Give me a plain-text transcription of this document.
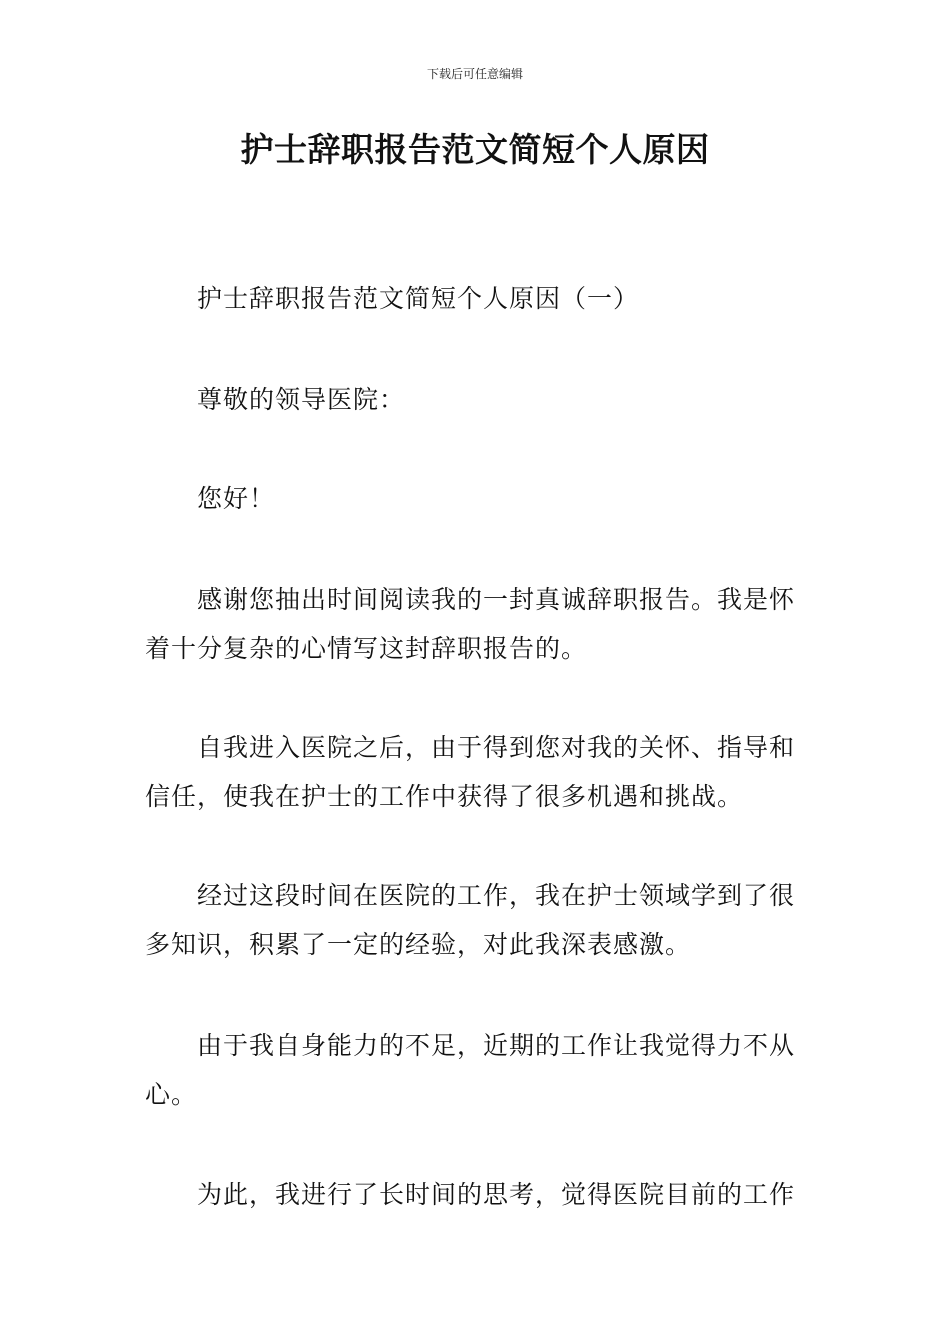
下载后可任意编辑
护士辞职报告范文简短个人原因

护士辞职报告范文简短个人原因（一）

尊敬的领导医院：

您好！

感谢您抽出时间阅读我的一封真诚辞职报告。我是怀着十分复杂的心情写这封辞职报告的。

自我进入医院之后，由于得到您对我的关怀、指导和信任，使我在护士的工作中获得了很多机遇和挑战。

经过这段时间在医院的工作，我在护士领域学到了很多知识，积累了一定的经验，对此我深表感激。

由于我自身能力的不足，近期的工作让我觉得力不从心。

为此，我进行了长时间的思考，觉得医院目前的工作
